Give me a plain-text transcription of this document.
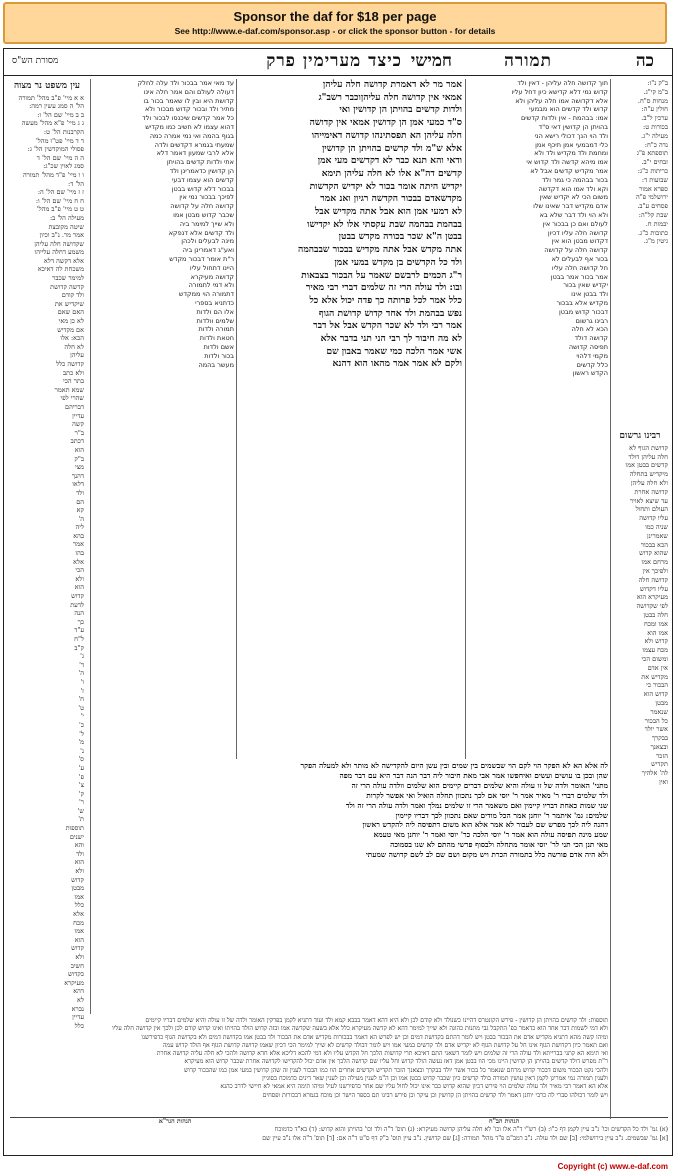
Sponsor the daf for $18 per page
See http://www.e-daf.com/sponsor.asp - or click the sponsor button - for details
כה
תמורה
חמישי
כיצד מערימין פרק
מסורת הש"ס
ב"ק נ"ז:
ב"מ קי"ג.
מנחות ס"ח.
חולין ע"ה:
ערכין ל"ב.
בכורות ט:
מעילה י"ג.
נדה כ"ח:
תוספתא פ"ג
זבחים י"ב.
כריתות כ"ג:
שבועות ד:
ספרא אמור
ירושלמי פ"ה
פסחים ע"ב.
שבת קל"ה:
יבמות ח.
כתובות כ"ג.
גיטין מ"ג.
רבינו גרשום
קדושת הגוף לא
חלה עליהן דולד
קדשים בבטן אמו
מיקדיש בתחלה
ולא חלה עליהן
קדושה אחרת
עד שיצא לאויר
העולם ותחול
עליו קדושה
שניה כמו
שאמרינן
הכא בבכור
שהוא קדוש
מרחם אמו
ולפיכך אין
קדושה חלה
עליו דקדוש
מעיקרא הוא
לפי שקדושה
חלה בבטן
אמו ומכח
אמו הוא
קדוש ולא
מכח עצמו
ומשום הכי
אין אדם
מקדיש את
הבכור כי
קדוש הוא
מבטן
שנאמר
כל הבכור
אשר יולד
בבקרך
ובצאנך
הזכר
תקדיש
לה' אלהיך
ואין
תוך קדושה חלה עליהן - דאין ולד
קדוש נמי דלא קדישא כיון דחל עליו
אלא דקדושה אמו חלה עליהן ולא
קדוש ולד קדשים הוא מבמעי
אמו: בבהמת - אין ולדות קדשים
בהויתן הן קדושין דאי ס"ד
ולד הוי הנך דכולי רישא הני
כלי דמבמעי אמן תיכף אמן
ומחמת ולד מקדיש ולד ולא
אמו מיהא קדשה ולד קדוש אי
אמר מקדיש קדשים אבל לא
בכור בבהמה כי גמר ולד
וקא ולד אמו הוא דקדשה
משום הכי לא יקדיש שאין
אדם מקדיש דבר שאינו שלו
ולא הוי ולד דבר שלא בא
לעולם ואם כן בבכור אין
קדושה חלה עליו דכיון
דקדוש מבטן הוא אין
קדושה חלה על קדושה
בכור אף לבעלים לא
חל קדושה חלה עליו
אמר בכור אמר בבטן
יקדיש שאין בכור
ולד בבטן אינו
מקדיש אלא בבכור
דבכור קדוש מבטן
רבינו גרשום
הכא לא חלה
קדושה דולד
תפיסה קדושה
מקמי דלהוי
כלל קדשים
הקדש ראשון
אמר מר לא דאמרת קדושה חלה עליהן
אמאי אין קדושה חלה עליהןוכבר רשב"ג
ולדות קדשים בהויתן הן קדושין ואי
ס"ד כמעי אמן הן קדושין אמאי אין קדושה
חלה עליהן הא תפסתינהו קדושה דאימייהו
אלא ש"מ ולד קדשים בהויתן הן קדושין
ודאי והא תנא כבר לא דקדשים מעי אמן
קדשים דה"א אלו לא חלה עליהן תימא
יקדיש היתה אומר בכור לא יקדיש הקדשות
מקדשאדם בבכור הקדשה רגיון ואנ אמר
לא דמעי אמן הוא אבל אתה מקדיש אבל
בבהמת בבהמה שבת עקסתי אלו לא יקדישו
בבטן ה"א שכר בכורה מקדש בבטן
אתה מקדש אבל אתה מקדיש בבכור שבבהמה
ולד כל הקדשים בן מקדש במעי אמן
ר"ג הכמים לרבשם שאמר על הבכור בצבאות
ובו: ולד עולה הרי זה שלמים דברי רבי מאיר
כלל אמר לכל פרותה כך פדה יכול אלא כל
נפש בבהמת ולד אחד קדוש קדושת הגוף
אמר רבי ולד לא שכר הקדש אבל אל דבר
לא מה חיבור לך רבי הני תני בדבר אלא
אשי אמר הלכה כמי שאמר באבון שם
ולקם לא אמר אמר מהאו הוא דהנא
עד מאי אמר בבכור ולד עלה לחלק
דעולה לעולם והם אמר חלה אינו
קדושת היא ובין לו שאמר בכור בו
מתיר ולד ובכור קדוש מבכור ולא
כל אמר קדשים שיכנסו לבכור ולד
דהוא עצמו לא חשיב כמו מקדיש
בגוף בהמה ואי נמי אמרה כמה
שמעתי בגמרא דקדשים ולדה
אלא לרבי שמעון דאמר דלא
אתי ולדות קדשים בהויתן
הן קדושין כדאמרינן ולד
קדשים הוא עצמו דבעי
בבכור דלא קדוש בבטן
לפיכך בבכור נמי אין
קדושה חלה על קדושה
שכבר קדוש מבטן אמו
ולא שייך למימר ביה
ולד קדשים אלא דנפקא
מינה לבעלים ולכהן
ואע"ג דאמרינן ביה
ר"ת אומר דבכור מקדש
היינו דתחול עליו
קדושה מעיקרא
ולא דמי לתמורה
דתמורה הוי ממקדש
כדתניא בספרי
אלו הם ולדות
שלמים וולדות
תמורה ולדות
חטאת ולדות
אשם ולדות
בכור ולדות
מעשר בהמה
עין משפט נר מצוה
א א מיי' פ"ב מהל' תמורה
הל' ה סמג עשין רמה:
ב ב מיי' שם הל' ו:
ג ג מיי' פ"א מהל' מעשה
הקרבנות הל' ט:
ד ד מיי' פט"ו מהל'
פסולי המוקדשין הל' ג:
ה ה מיי' שם הל' ד
סמג לאוין שכ"ג:
ו ו מיי' פ"ד מהל' תמורה
הל' ד:
ז ז מיי' שם הל' ה:
ח ח מיי' שם הל' ו:
ט ט מיי' פ"ב מהל'
מעילה הל' ב:
שיטה מקובצת
אמר מר. נ"ב וכיון
שקדושה חלה עליהן
משמע דחלה עלייהו
אלא דקשה דלא
משכחת לה דאיכא
למימר שכבר
קדשה קדושת
ולד קודם
שיקדיש את
האם שאם
לא כן מאי
אם מקדיש
הכא: אלו
לא חלה
עליהן
קדושה כלל
ולא כתב
בתר הכי
שמא תאמר
שהרי לפי
דבריהם
עדיין
קשה
ב"ר
דכתב
הוא
ב"ק
מצי
דהנך
דלאו
ולד
הם
קא
ה'
ליה
בהא
אמר
בהו
אלא
הכי
ולא
הוא
קדוש
לדעת
הנה
כך
ע"ד
ל"ח
ק"ב
ג'
ד'
ה'
ו'
ז'
ח'
ט'
י'
כ'
ל'
מ'
נ'
ס'
ע'
פ'
צ'
ק'
ר'
ש'
ת'
תוספות
ישנים
והא
ולד
הוא
ולא
קדוש
מבטן
אמו
כלל
אלא
מכח
אמו
הוא
קדוש
ולא
חשיב
כקדוש
מעיקרא
דהא
לא
נברא
עדיין
כלל
לה אלא הא לא הפקר הוי לקם הוי שבשמים בין שמים ובין עשן היום להקדישה לא מותר ולא למעלה הפקר
שהן ובכן בו עושים ועשים ואיחפשו אמר אבי מאת חיבור ליה דבר הנה דבר היא עם דבר מפה
מתני' האומר ולדה של זו עולה והיא שלמים דברים קיימים הוא שלמים וולדה עולה הרי זה
ולד שלמים דברי ר' מאיר אמר ר' יוסי אם לכך נתכוון תחלה הואיל ואי אפשר לקרות
שני שמות כאחת דבריו קיימין ואם משאמר הרי זו שלמים נמלך ואמר ולדה עולה הרי זה ולד
שלמים: גמ' איתמר ר' יוחנן אמר הכל מודים שאם נתכוון לכך דבריו קיימין
דהנה ליה לכך מפרש שם לעבור לא אמר אלא הוא משום דתפיסה ליה להקדש ראשון
שמע מינה תפיסה עולה הוא אמר ר' יוסי הלכה כר' יוסי ואמר ר' יוחנן מאי טעמא
מאי תנן הכי תני לר' יוסי אומר מתחלה ולבסוף פרשי מהתם לא שנו בסמוכה
ולא היה אדם פורשה כלל בתמורה הכרת ויש מקום ושם שם לב לשם קדושה שמעתי
תוספות: ולד קדשים בהויתן הן קדושין - פירש הקונטרס דהיינו כשנולד ולא קודם לכן ולא היא דהא דאמר בבבא קמא ולד ועוד דתניא לקמן בפרקין האומר ולדה של זו עולה והיא שלמים דבריו קיימים
ולא דמי לשמות דבר אחד הוא כדאמר בפ' התקבל גבי מתנות כהונה ולא שייך למימר דהא לא קדשה מעיקרא כלל אלא בשעה שקדשה אמו ובזה קדוש הולד בהויתו ואינו קדוש קודם לכן ולכך אין קדושה חלה עליו
ומיהו קשה מהא דתניא מקדיש אדם את הבכור בבטן ויש לומר דהתם בקדושת דמים וכן יש לפרש הא דאמר בבכורות מקדיש אדם את הבכור ולד בבטן אמו בקדושת דמים ולא בקדושת הגוף כדפירשנו
ואם תאמר כיון דקדושת הגוף אינו חל על קדושת הגוף לא יקדיש אדם ולד קדשים במעי אמו ויש לומר דבולד קדשים לא שייך למימר הכי דכיון שאמו קדושה קדושת הגוף אף הולד קדוש עמה
ואי תימא הא קתני בברייתא ולד עולה הרי זה שלמים ויש לומר דשאני התם דאיכא תרי קדושות הלכך חל הקדש עליו ולא דמי להכא דליכא אלא חדא קדושה ולהכי לא חלה עליה קדושה אחרת
ר"ת מפרש דולד קדשים בהויתן הן קדושין היינו מכי הוו בבטן אמן דאז נעשה הולד קדוש וחל עליו שם קדושה הלכך אין אדם יכול להקדישו לקדושה אחרת שכבר קדוש הוא מעיקרא
ולהכי נקט הבכור משום דבכור קדוש מרחם שנאמר כל בכור אשר יולד בבקרך ובצאנך הזכר תקדיש וקדשים אחרים הוו כמו הבכור לענין זה שהן קדושין במעי אמן כמו שהבכור קדוש
ולענין תמורה נמי אמרינן לקמן דאין עושין תמורה בולד קדשים כיון שכבר קדוש בבטן אמו וכן ה"מ לענין מעילה וכן לענין שאר דינים כדמוכח בסוגיין
אלא הא דאמר רבי מאיר ולד עולה שלמים הוי פירש דכיון שהוא קדוש כבר אינו יכול לחול עליו שם אחר כדפירשנו לעיל ומיהו תימה היא אמאי לא חיישי לדרב כהנא
ויש לומר דכולהו סברי לה כרבי יוחנן דאמר ולד קדשים בהויתן הן קדושין וכן עיקר וכן פירש רבינו תם בספר הישר וכן מוכח בגמרא דבכורות ופסחים
הגהות הב"ח
הגהות הגר"א
(א) גמ' ולד כל הקדשים וכו' נ"ב עיין לקמן דף כ"ו: (ב) רש"י ד"ה אלו וכו' לא חלה עליהן קדושה מעיקרא: (ג) תוס' ד"ה ולד וכו' בהויתן והוא קדוש: (ד) בא"ד כדמוכח
[א] גמ' שבשמים. נ"ב עיין בירושלמי: [ב] שם ולד עולה. נ"ב רמב"ם פ"ד מהל' תמורה: [ג] שם קדושין. נ"ב עיין תוס' ב"ק דף ס"ט ד"ה אם: [ד] תוס' ד"ה אלו נ"ב עיין שם
Copyright (c) www.e-daf.com
